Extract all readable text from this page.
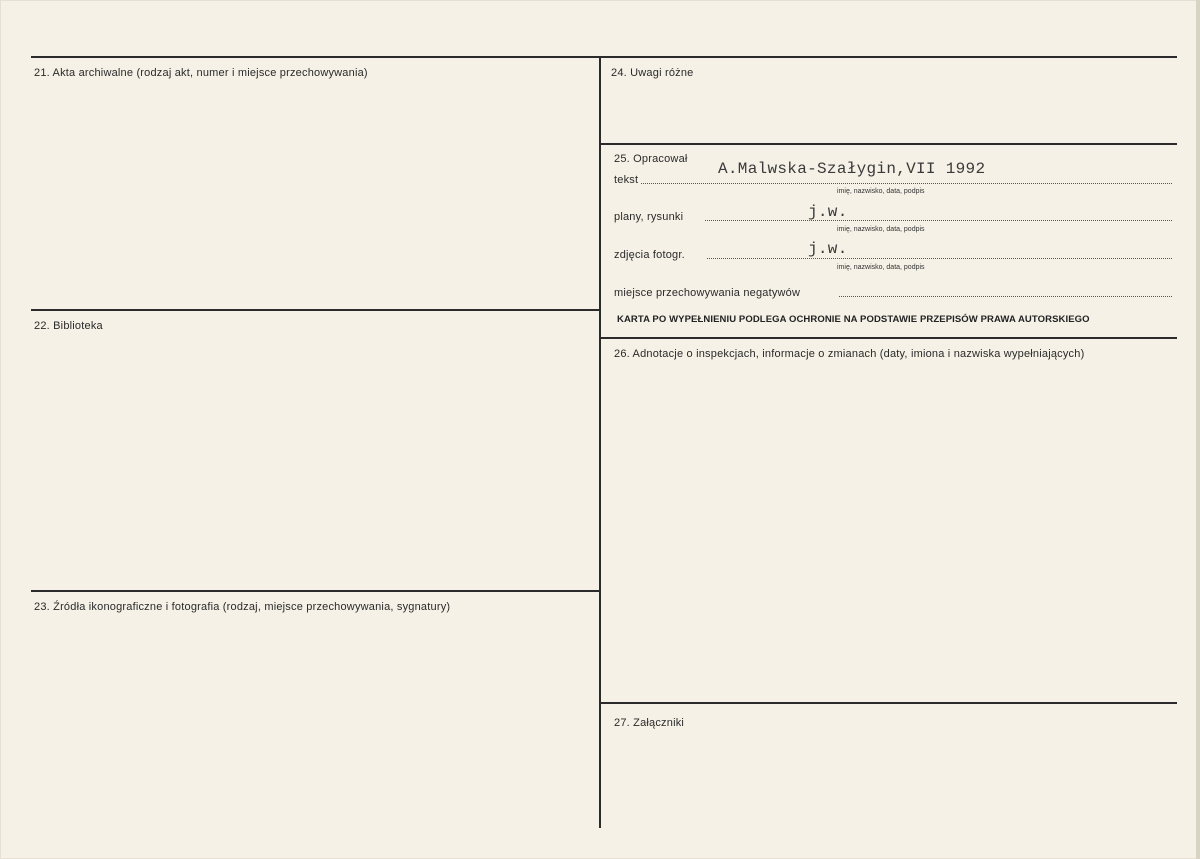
21. Akta archiwalne (rodzaj akt, numer i miejsce przechowywania)
22. Biblioteka
23. Źródła ikonograficzne i fotografia (rodzaj, miejsce przechowywania, sygnatury)
24. Uwagi różne
25. Opracował
tekst
A.Malwska-Szałygin,VII 1992
imię, nazwisko, data, podpis
plany, rysunki	j.w.
imię, nazwisko, data, podpis
zdjęcia fotogr.	j.w.
imię, nazwisko, data, podpis
miejsce przechowywania negatywów
KARTA PO WYPEŁNIENIU PODLEGA OCHRONIE NA PODSTAWIE PRZEPISÓW PRAWA AUTORSKIEGO
26. Adnotacje o inspekcjach, informacje o zmianach (daty, imiona i nazwiska wypełniających)
27. Załączniki
